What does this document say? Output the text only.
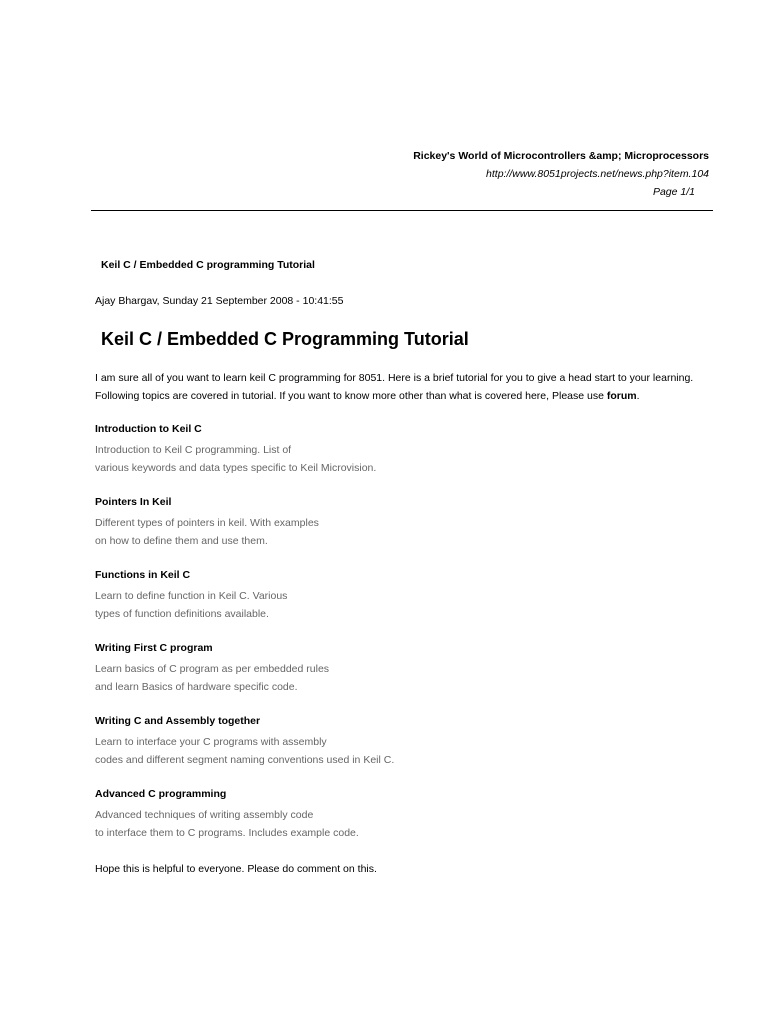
Rickey's World of Microcontrollers &amp; Microprocessors
http://www.8051projects.net/news.php?item.104
Page 1/1
Keil C / Embedded C programming Tutorial
Ajay Bhargav, Sunday 21 September 2008 - 10:41:55
Keil C / Embedded C Programming Tutorial

I am sure all of you want to learn keil C programming for 8051. Here is a brief tutorial for you to give a head start to your learning.
Following topics are covered in tutorial. If you want to know more other than what is covered here, Please use forum.

Introduction to Keil C

Introduction to Keil C programming. List of

various keywords and data types specific to Keil Microvision.

Pointers In Keil

Different types of pointers in keil. With examples

on how to define them and use them.

Functions in Keil C

Learn to define function in Keil C. Various

types of function definitions available.

Writing First C program

Learn basics of C program as per embedded rules

and learn Basics of hardware specific code.

Writing C and Assembly together

Learn to interface your C programs with assembly

codes and different segment naming conventions used in Keil C.

Advanced C programming

Advanced techniques of writing assembly code

to interface them to C programs. Includes example code.

Hope this is helpful to everyone. Please do comment on this.
